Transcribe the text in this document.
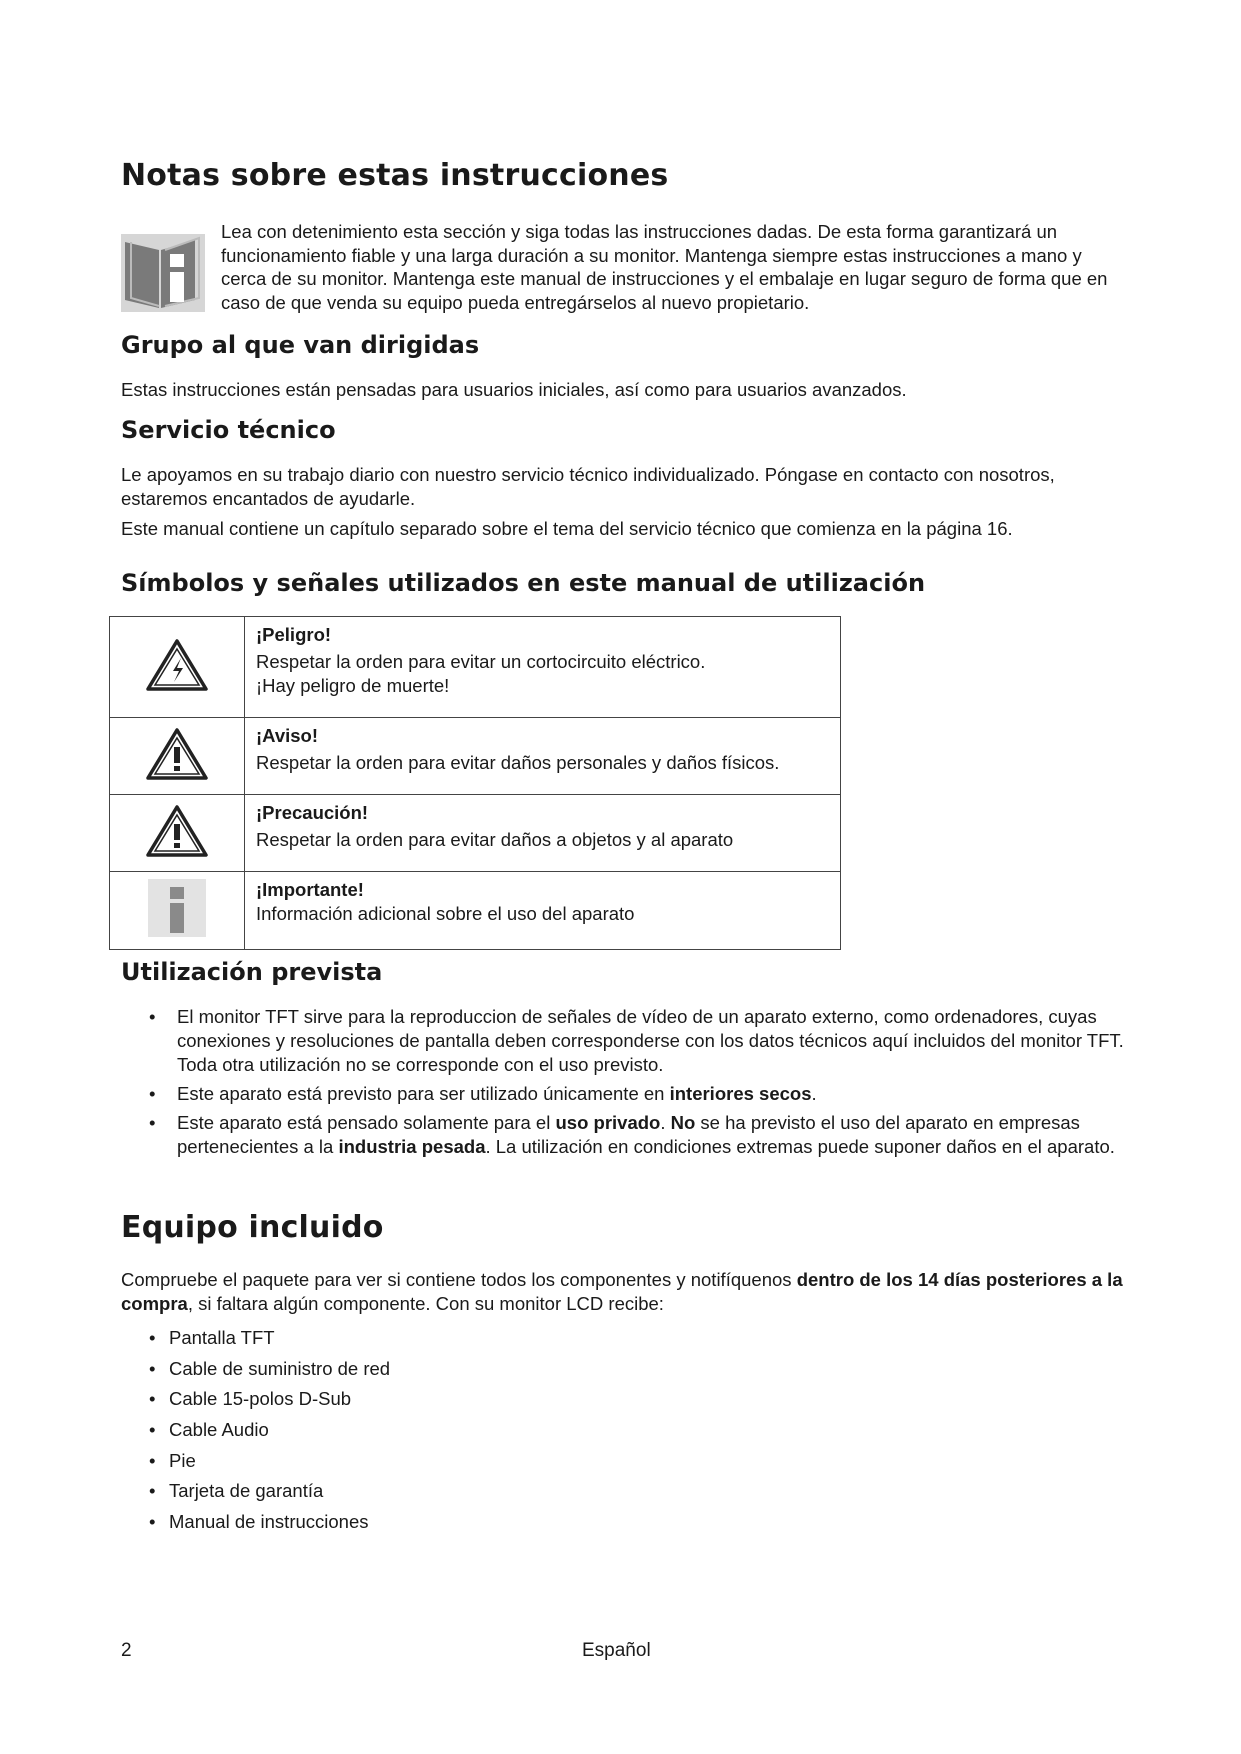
Notas sobre estas instrucciones

Lea con detenimiento esta sección y siga todas las instrucciones dadas. De esta forma garantizará un funcionamiento fiable y una larga duración a su monitor. Mantenga siempre estas instrucciones a mano y cerca de su monitor. Mantenga este manual de instrucciones y el embalaje en lugar seguro de forma que en caso de que venda su equipo pueda entregárselos al nuevo propietario.

Grupo al que van dirigidas

Estas instrucciones están pensadas para usuarios iniciales, así como para usuarios avanzados.

Servicio técnico

Le apoyamos en su trabajo diario con nuestro servicio técnico individualizado. Póngase en contacto con nosotros, estaremos encantados de ayudarle.

Este manual contiene un capítulo separado sobre el tema del servicio técnico que comienza en la página 16.

Símbolos y señales utilizados en este manual de utilización

¡Peligro!
Respetar la orden para evitar un cortocircuito eléctrico.
¡Hay peligro de muerte!

¡Aviso!
Respetar la orden para evitar daños personales y daños físicos.

¡Precaución!
Respetar la orden para evitar daños a objetos y al aparato

¡Importante!
Información adicional sobre el uso del aparato
Utilización prevista
• El monitor TFT sirve para la reproduccion de señales de vídeo de un aparato externo, como ordenadores, cuyas conexiones y resoluciones de pantalla deben corresponderse con los datos técnicos aquí incluidos del monitor TFT. Toda otra utilización no se corresponde con el uso previsto.
• Este aparato está previsto para ser utilizado únicamente en interiores secos.
• Este aparato está pensado solamente para el uso privado. No se ha previsto el uso del aparato en empresas pertenecientes a la industria pesada. La utilización en condiciones extremas puede suponer daños en el aparato.
Equipo incluido

Compruebe el paquete para ver si contiene todos los componentes y notifíquenos dentro de los 14 días posteriores a la compra, si faltara algún componente. Con su monitor LCD recibe:

• Pantalla TFT
• Cable de suministro de red
• Cable 15-polos D-Sub
• Cable Audio
• Pie
• Tarjeta de garantía
• Manual de instrucciones
2	Español
